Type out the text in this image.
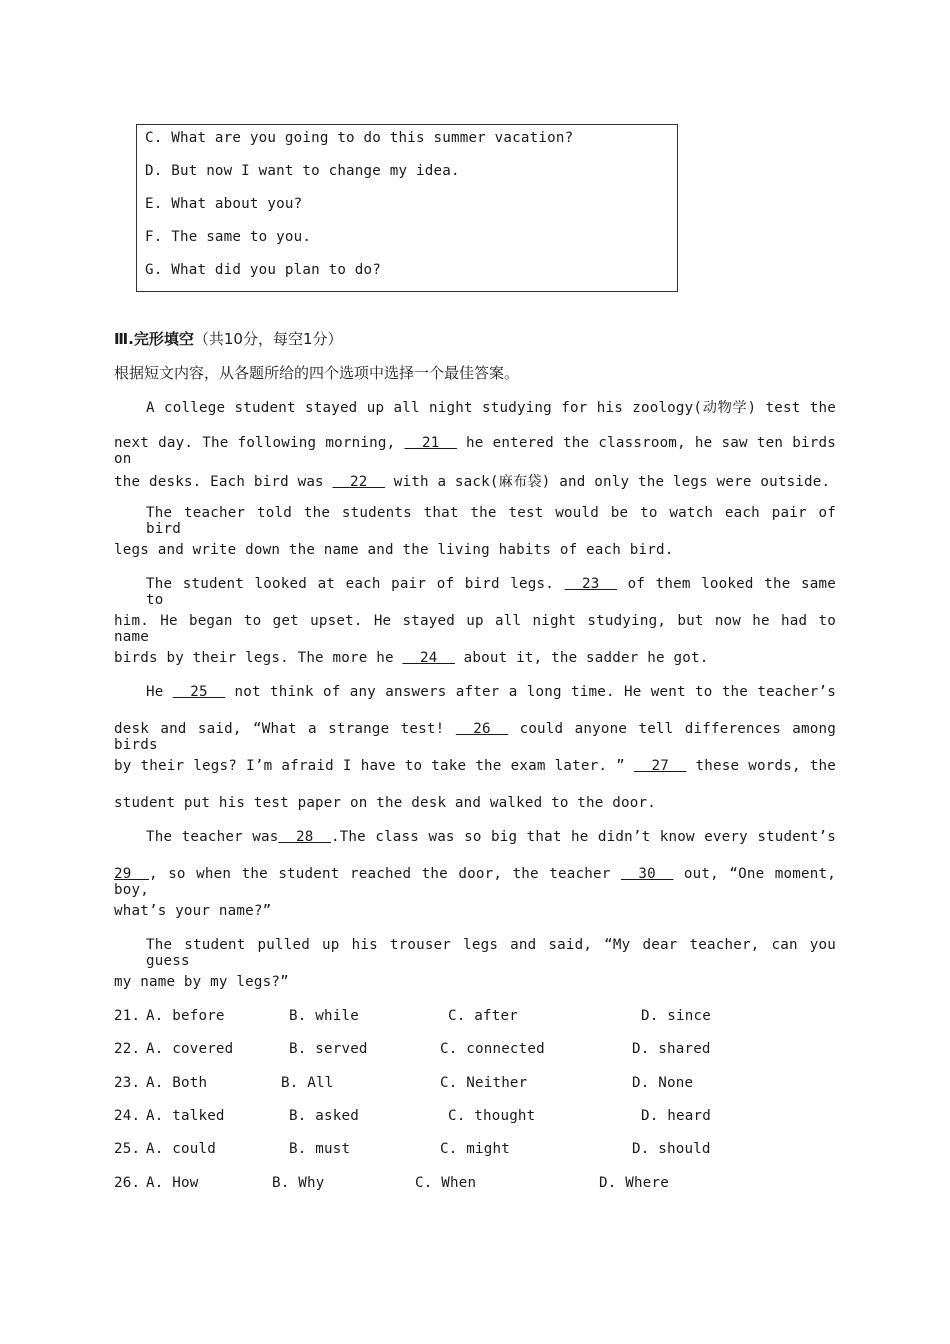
C. What are you going to do this summer vacation?
D. But now I want to change my idea.
E. What about you?
F. The same to you.
G. What did you plan to do?
Ⅲ.完形填空（共10分，每空1分）
根据短文内容，从各题所给的四个选项中选择一个最佳答案。
A college student stayed up all night studying for his zoology(动物学) test the
next day. The following morning,   21   he entered the classroom, he saw ten birds on
the desks. Each bird was   22   with a sack(麻布袋) and only the legs were outside.
The teacher told the students that the test would be to watch each pair of bird
legs and write down the name and the living habits of each bird.
The student looked at each pair of bird legs.   23   of them looked the same to
him. He began to get upset. He stayed up all night studying, but now he had to name
birds by their legs. The more he   24   about it, the sadder he got.
He   25   not think of any answers after a long time. He went to the teacher’s
desk and said, “What a strange test!   26   could anyone tell differences among birds
by their legs? I’m afraid I have to take the exam later. ”   27   these words, the
student put his test paper on the desk and walked to the door.
The teacher was  28  .The class was so big that he didn’t know every student’s
29  , so when the student reached the door, the teacher   30   out, “One moment, boy,
what’s your name?”
The student pulled up his trouser legs and said, “My dear teacher, can you guess
my name by my legs?”
21. A. before	B. while	C. after	D. since
22. A. covered	B. served	C. connected	D. shared
23. A. Both	B. All	C. Neither	D. None
24. A. talked	B. asked	C. thought	D. heard
25. A. could	B. must	C. might	D. should
26. A. How	B. Why	C. When	D. Where
